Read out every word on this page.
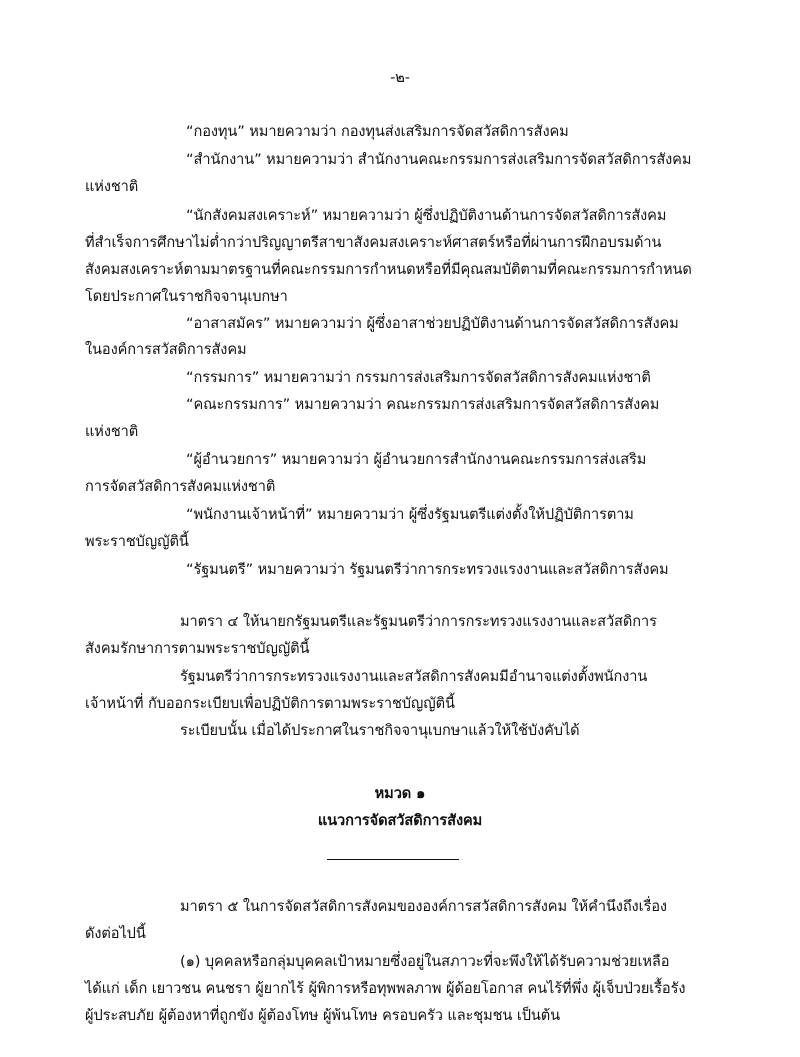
-๒-
“กองทุน” หมายความว่า กองทุนส่งเสริมการจัดสวัสดิการสังคม
“สำนักงาน” หมายความว่า สำนักงานคณะกรรมการส่งเสริมการจัดสวัสดิการสังคม
แห่งชาติ
“นักสังคมสงเคราะห์” หมายความว่า ผู้ซึ่งปฏิบัติงานด้านการจัดสวัสดิการสังคม
ที่สำเร็จการศึกษาไม่ต่ำกว่าปริญญาตรีสาขาสังคมสงเคราะห์ศาสตร์หรือที่ผ่านการฝึกอบรมด้าน
สังคมสงเคราะห์ตามมาตรฐานที่คณะกรรมการกำหนดหรือที่มีคุณสมบัติตามที่คณะกรรมการกำหนด
โดยประกาศในราชกิจจานุเบกษา
“อาสาสมัคร” หมายความว่า ผู้ซึ่งอาสาช่วยปฏิบัติงานด้านการจัดสวัสดิการสังคม
ในองค์การสวัสดิการสังคม
“กรรมการ” หมายความว่า กรรมการส่งเสริมการจัดสวัสดิการสังคมแห่งชาติ
“คณะกรรมการ” หมายความว่า คณะกรรมการส่งเสริมการจัดสวัสดิการสังคม
แห่งชาติ
“ผู้อำนวยการ” หมายความว่า ผู้อำนวยการสำนักงานคณะกรรมการส่งเสริม
การจัดสวัสดิการสังคมแห่งชาติ
“พนักงานเจ้าหน้าที่” หมายความว่า ผู้ซึ่งรัฐมนตรีแต่งตั้งให้ปฏิบัติการตาม
พระราชบัญญัตินี้
“รัฐมนตรี” หมายความว่า รัฐมนตรีว่าการกระทรวงแรงงานและสวัสดิการสังคม
มาตรา ๔ ให้นายกรัฐมนตรีและรัฐมนตรีว่าการกระทรวงแรงงานและสวัสดิการ
สังคมรักษาการตามพระราชบัญญัตินี้
รัฐมนตรีว่าการกระทรวงแรงงานและสวัสดิการสังคมมีอำนาจแต่งตั้งพนักงาน
เจ้าหน้าที่ กับออกระเบียบเพื่อปฏิบัติการตามพระราชบัญญัตินี้
ระเบียบนั้น เมื่อได้ประกาศในราชกิจจานุเบกษาแล้วให้ใช้บังคับได้
หมวด ๑
แนวการจัดสวัสดิการสังคม
มาตรา ๕ ในการจัดสวัสดิการสังคมขององค์การสวัสดิการสังคม ให้คำนึงถึงเรื่อง
ดังต่อไปนี้
(๑) บุคคลหรือกลุ่มบุคคลเป้าหมายซึ่งอยู่ในสภาวะที่จะพึงให้ได้รับความช่วยเหลือ
ได้แก่ เด็ก เยาวชน คนชรา ผู้ยากไร้ ผู้พิการหรือทุพพลภาพ ผู้ด้อยโอกาส คนไร้ที่พึ่ง ผู้เจ็บป่วยเรื้อรัง
ผู้ประสบภัย ผู้ต้องหาที่ถูกขัง ผู้ต้องโทษ ผู้พ้นโทษ ครอบครัว และชุมชน เป็นต้น
